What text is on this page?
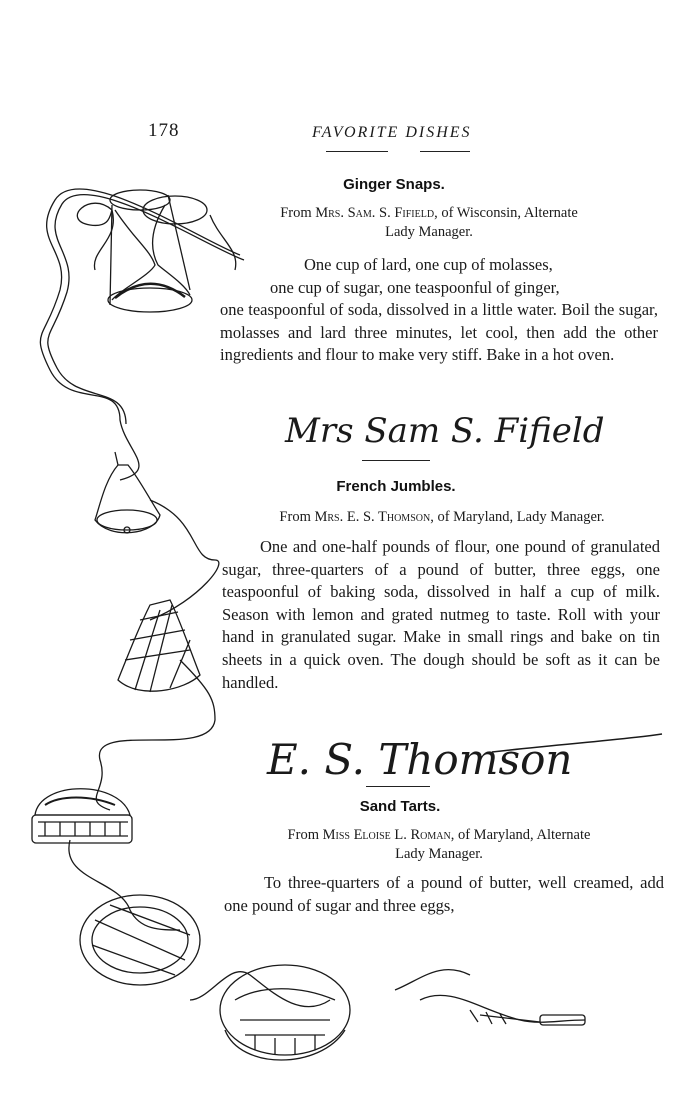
178	FAVORITE DISHES
Ginger Snaps.
From Mrs. Sam. S. Fifield, of Wisconsin, Alternate
Lady Manager.

One cup of lard, one cup of molasses,

one cup of sugar, one teaspoonful of ginger,

one teaspoonful of soda, dissolved in a little water. Boil the sugar, molasses and lard three minutes, let cool, then add the other ingredients and flour to make very stiff. Bake in a hot oven.

Mrs Sam S. Fifield
French Jumbles.
From Mrs. E. S. Thomson, of Maryland, Lady Manager.

One and one-half pounds of flour, one pound of granulated sugar, three-quarters of a pound of butter, three eggs, one teaspoonful of baking soda, dissolved in half a cup of milk. Season with lemon and grated nutmeg to taste. Roll with your hand in granulated sugar. Make in small rings and bake on tin sheets in a quick oven. The dough should be soft as it can be handled.

E. S. Thomson
Sand Tarts.
From Miss Eloise L. Roman, of Maryland, Alternate
Lady Manager.

To three-quarters of a pound of butter, well creamed, add one pound of sugar and three eggs,
